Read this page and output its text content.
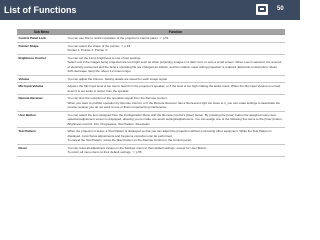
List of Functions	50
Sub Menu	Function
Control Panel Lock	You can use this to restrict operation of the projector's Control panel. ☞ p.51

Pointer Shape	You can select the shape of the pointer. ☞ p.33
Pointer 1: Pointer 2: Pointer 3:

Brightness Control	You can set the Lamp brightness to one of two settings.
Select Low if the images being projected are too bright such as when projecting images in a dark room or onto a small screen. When Low is selected, the amount of electricity consumed and the lamp's operating life are changed as follows, and fan rotation noise during projection is reduced. Electrical consumption: about 22% decrease, lamp life: about 1.2 times longer

Volume	You can adjust the Volume. Setting details are saved for each image signal.

Mic Input Volume	Adjust it the Mic Input level is too low to hear from the projector's speaker, or if the level is too high making the audio crack. When the Mic Input Volume is turned down it is set audio is output from the speaker.

Remote Receiver	You can limit the reception of the operation signal from the Remote Control.
When you want to prohibit operation by Remote Control, or if the Remote Receiver has a fluorescent light too close to it, you can make settings to deactivate the remote receiver you do not want to use or that is experiencing interference.

User Button	You can select the item assigned from the Configuration Menu with the Remote Control's [User] button. By pressing the [User] button the assigned menu item selection/adjustment screen is displayed, allowing you to make one-touch settings/adjustments. You can assign one of the following five items to the [User] button.
Brightness Control, Info, Progressive, Test Pattern, Resolution

Test Pattern	When the projector is setup, a Test Pattern is displayed so that you can adjust the projection without connecting other equipment. While the Test Pattern is displayed, zoom/focus adjustments and Keystone correction can be performed.
To cancel the Test Pattern, press the [Esc] button on the Remote Control or the Control panel.

Reset	You can reset all adjustment values on the Settings menu to their default settings, except for User Button.
To return all menu items to their default settings, ☞ p.56
